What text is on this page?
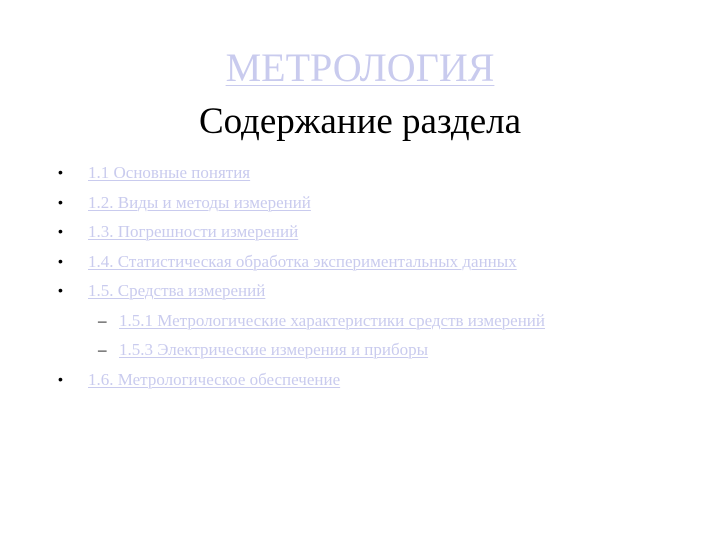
МЕТРОЛОГИЯ
Содержание раздела
• 1.1 Основные понятия
• 1.2. Виды и методы измерений
• 1.3. Погрешности измерений
• 1.4. Статистическая обработка экспериментальных данных
• 1.5. Средства измерений
– 1.5.1 Метрологические характеристики средств измерений
– 1.5.3 Электрические измерения и приборы
• 1.6. Метрологическое обеспечение
